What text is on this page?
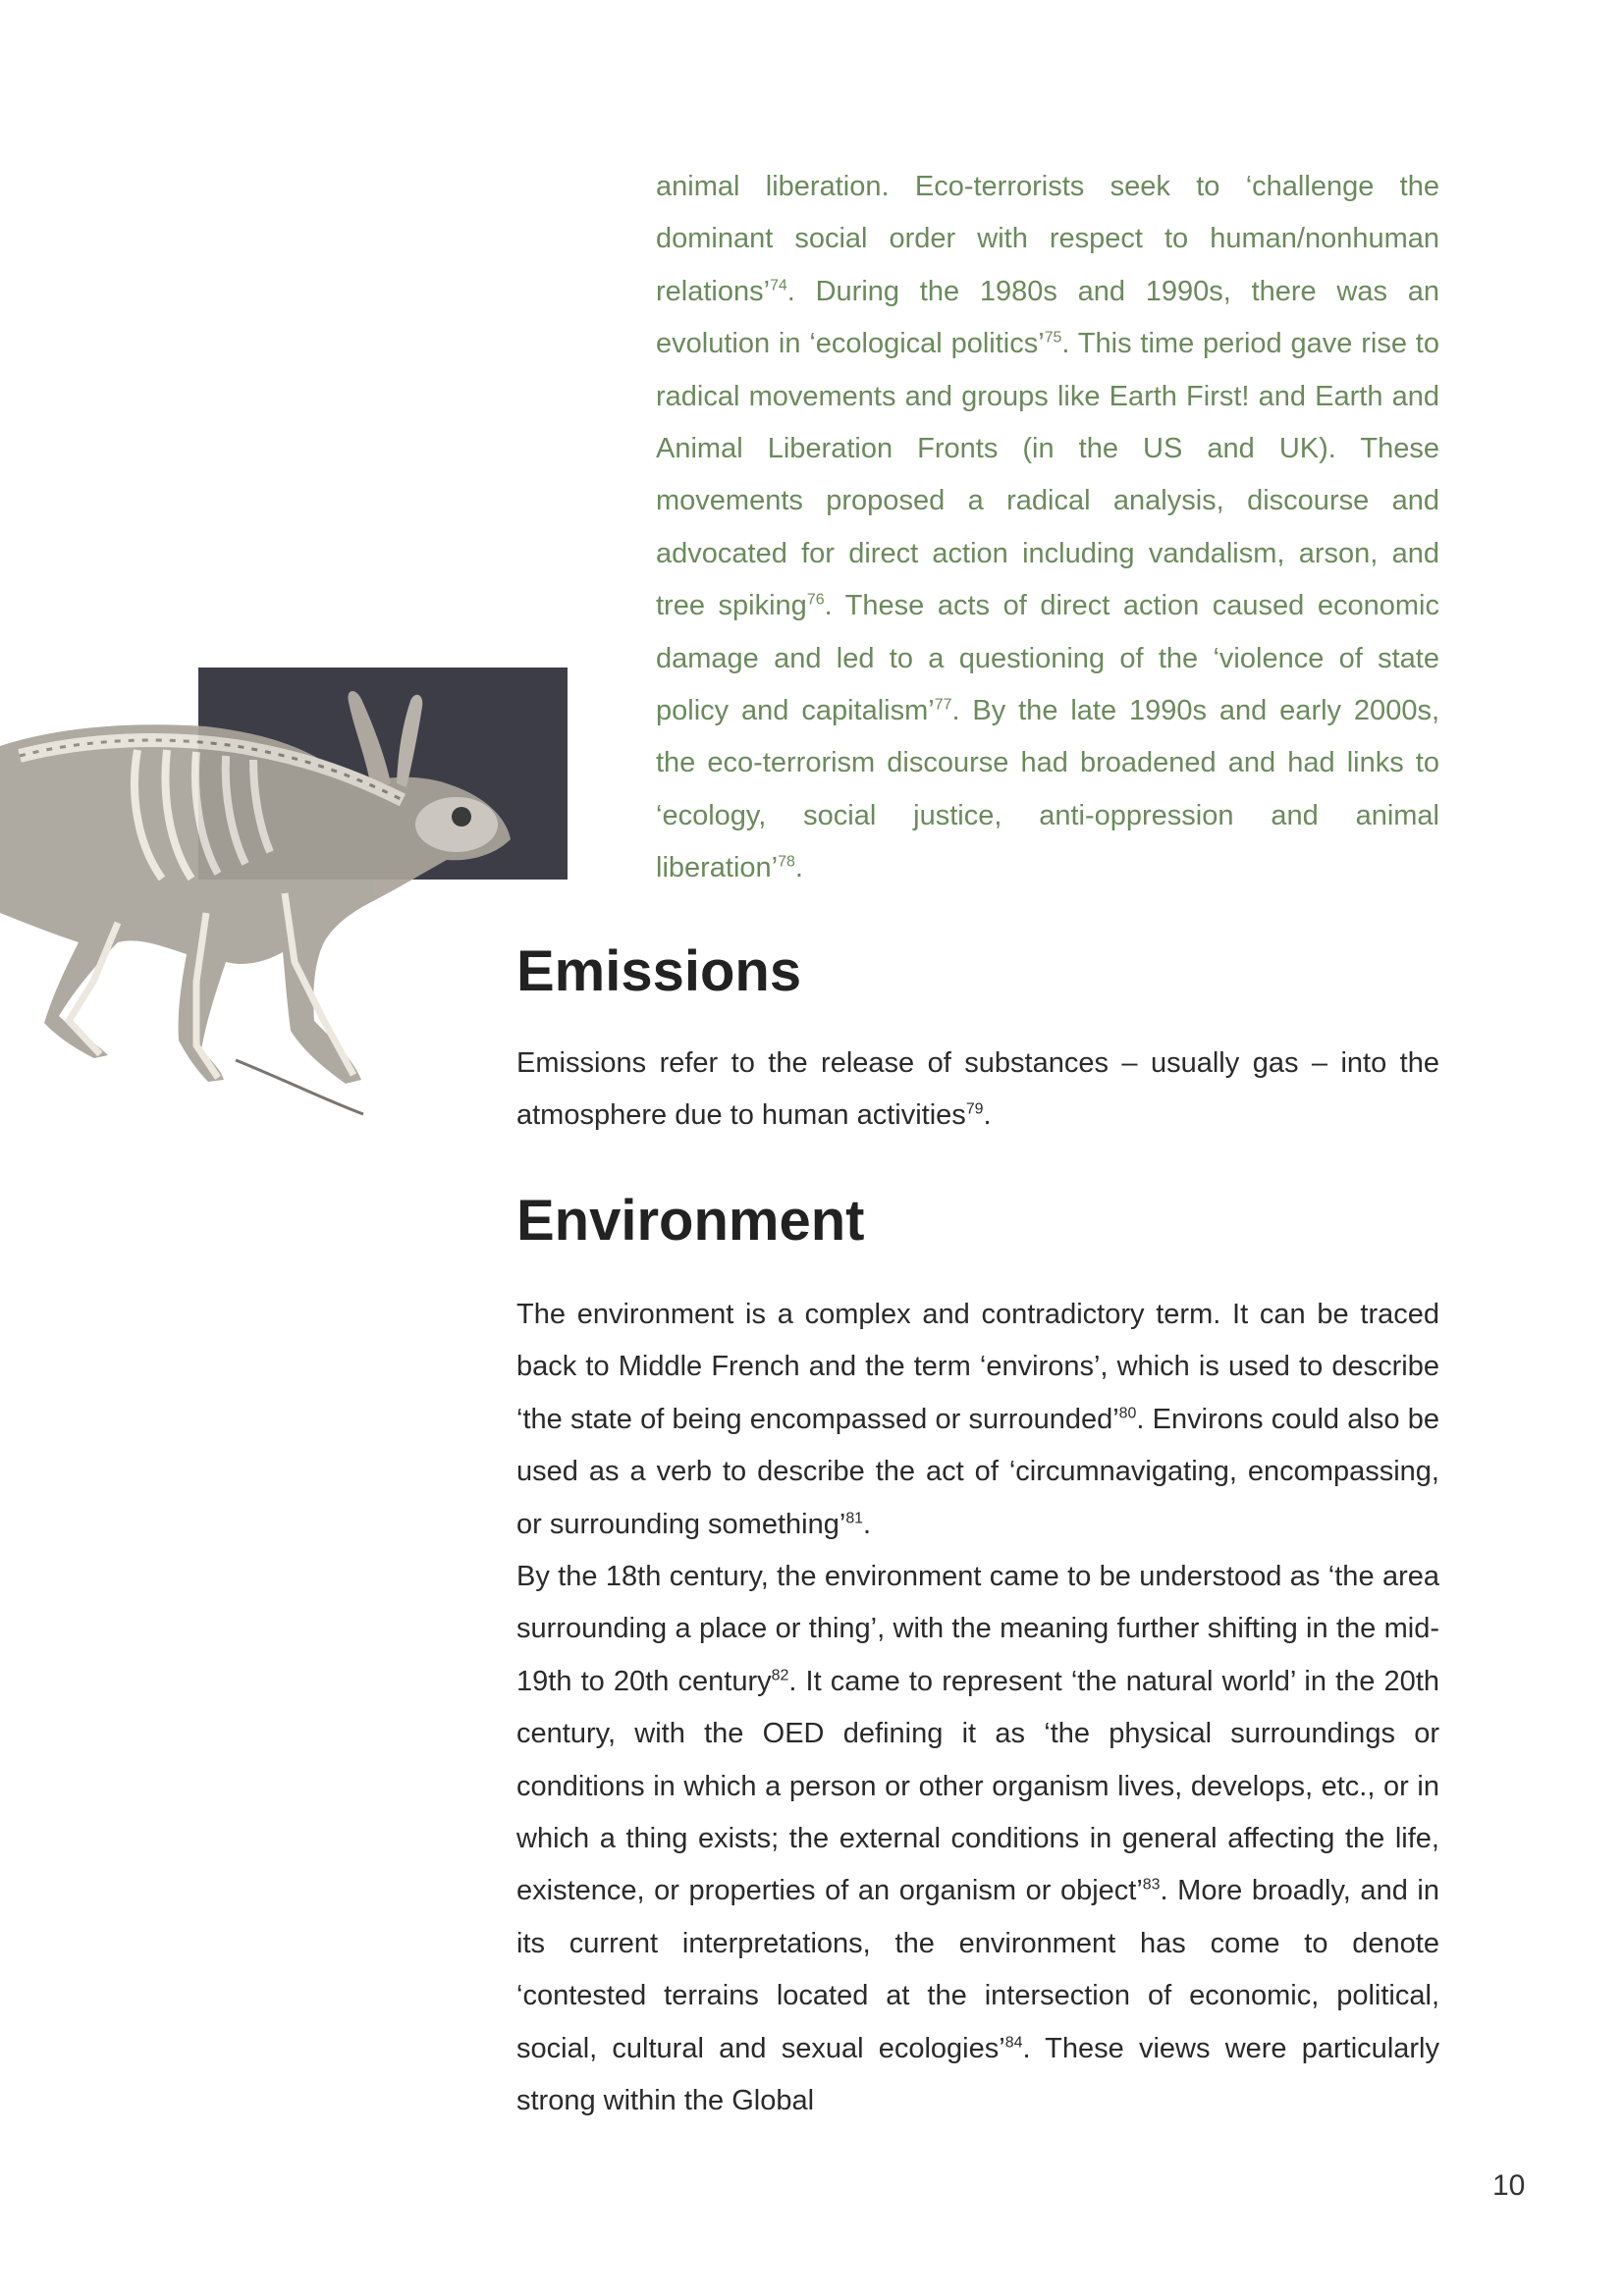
animal liberation. Eco-terrorists seek to ‘challenge the dominant social order with respect to human/nonhuman relations’$^{74}$. During the 1980s and 1990s, there was an evolution in ‘ecological politics’$^{75}$. This time period gave rise to radical movements and groups like Earth First! and Earth and Animal Liberation Fronts (in the US and UK). These movements proposed a radical analysis, discourse and advocated for direct action including vandalism, arson, and tree spiking$^{76}$. These acts of direct action caused economic damage and led to a questioning of the ‘violence of state policy and capitalism’$^{77}$. By the late 1990s and early 2000s, the eco-terrorism discourse had broadened and had links to ‘ecology, social justice, anti-oppression and animal liberation’$^{78}$.

Emissions

Emissions refer to the release of substances – usually gas – into the atmosphere due to human activities$^{79}$.

Environment

The environment is a complex and contradictory term. It can be traced back to Middle French and the term ‘environs’, which is used to describe ‘the state of being encompassed or surrounded’$^{80}$. Environs could also be used as a verb to describe the act of ‘circumnavigating, encompassing, or surrounding something’$^{81}$.

By the 18th century, the environment came to be understood as ‘the area surrounding a place or thing’, with the meaning further shifting in the mid-19th to 20th century$^{82}$. It came to represent ‘the natural world’ in the 20th century, with the OED defining it as ‘the physical surroundings or conditions in which a person or other organism lives, develops, etc., or in which a thing exists; the external conditions in general affecting the life, existence, or properties of an organism or object’$^{83}$. More broadly, and in its current interpretations, the environment has come to denote ‘contested terrains located at the intersection of economic, political, social, cultural and sexual ecologies’$^{84}$. These views were particularly strong within the Global

10
